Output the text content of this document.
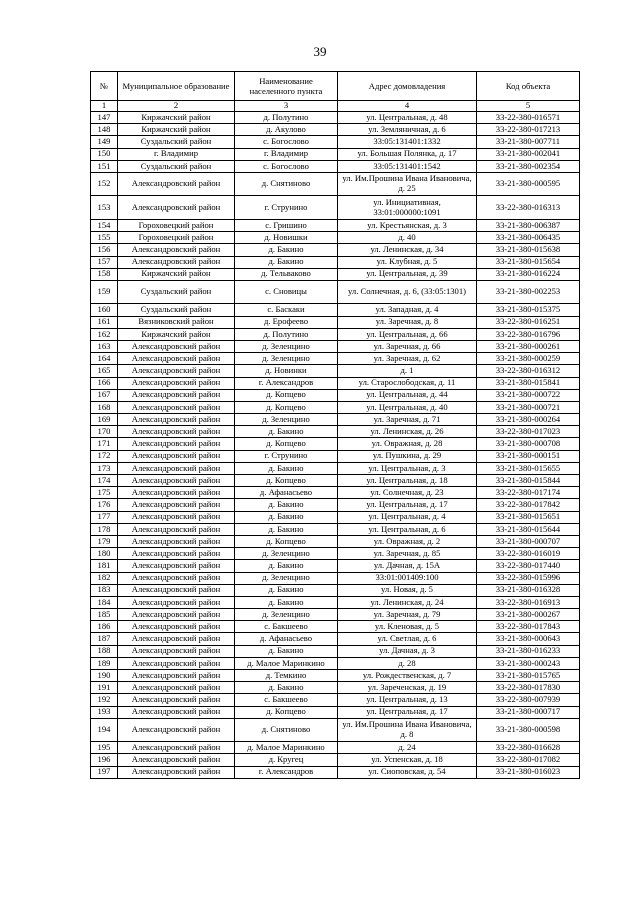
39
№	Муниципальное образование	Наименование населенного пункта	Адрес домовладения	Код объекта
1	2	3	4	5
147	Киржачский район	д. Полутино	ул. Центральная, д. 48	33-22-380-016571
148	Киржачский район	д. Акулово	ул. Земляничная, д. 6	33-22-380-017213
149	Суздальский район	с. Богослово	33:05:131401:1332	33-21-380-007711
150	г. Владимир	г. Владимир	ул. Большая Полянка, д. 17	33-21-380-002041
151	Суздальский район	с. Богослово	33:05:131401:1542	33-21-380-002354
152	Александровский район	д. Снятиново	ул. Им.Прошина Ивана Ивановича, д. 25	33-21-380-000595
153	Александровский район	г. Струнино	ул. Инициативная, 33:01:000000:1091	33-22-380-016313
154	Гороховецкий район	с. Гришино	ул. Крестьянская, д. 3	33-21-380-006387
155	Гороховецкий район	д. Новишки	д. 40	33-21-380-006435
156	Александровский район	д. Бакино	ул. Ленинская, д. 34	33-21-380-015638
157	Александровский район	д. Бакино	ул. Клубная, д. 5	33-21-380-015654
158	Киржачский район	д. Тельваково	ул. Центральная, д. 39	33-21-380-016224
159	Суздальский район	с. Сновицы	ул. Солнечная, д. 6, (33:05:1301)	33-21-380-002253
160	Суздальский район	с. Баскаки	ул. Западная, д. 4	33-21-380-015375
161	Вязниковский район	д. Ерофеево	ул. Заречная, д. 8	33-22-380-016251
162	Киржачский район	д. Полутино	ул. Центральная, д. 66	33-22-380-016796
163	Александровский район	д. Зеленцино	ул. Заречная, д. 66	33-21-380-000261
164	Александровский район	д. Зеленцино	ул. Заречная, д. 62	33-21-380-000259
165	Александровский район	д. Новинки	д. 1	33-22-380-016312
166	Александровский район	г. Александров	ул. Старослободская, д. 11	33-21-380-015841
167	Александровский район	д. Копцево	ул. Центральная, д. 44	33-21-380-000722
168	Александровский район	д. Копцево	ул. Центральная, д. 40	33-21-380-000721
169	Александровский район	д. Зеленцино	ул. Заречная, д. 71	33-21-380-000264
170	Александровский район	д. Бакино	ул. Ленинская, д. 26	33-22-380-017023
171	Александровский район	д. Копцево	ул. Овражная, д. 28	33-21-380-000708
172	Александровский район	г. Струнино	ул. Пушкина, д. 29	33-21-380-000151
173	Александровский район	д. Бакино	ул. Центральная, д. 3	33-21-380-015655
174	Александровский район	д. Копцево	ул. Центральная, д. 18	33-21-380-015844
175	Александровский район	д. Афанасьево	ул. Солнечная, д. 23	33-22-380-017174
176	Александровский район	д. Бакино	ул. Центральная, д. 17	33-22-380-017842
177	Александровский район	д. Бакино	ул. Центральная, д. 4	33-21-380-015651
178	Александровский район	д. Бакино	ул. Центральная, д. 6	33-21-380-015644
179	Александровский район	д. Копцево	ул. Овражная, д. 2	33-21-380-000707
180	Александровский район	д. Зеленцино	ул. Заречная, д. 85	33-22-380-016019
181	Александровский район	д. Бакино	ул. Дачная, д. 15А	33-22-380-017440
182	Александровский район	д. Зеленцино	33:01:001409:100	33-22-380-015996
183	Александровский район	д. Бакино	ул. Новая, д. 5	33-21-380-016328
184	Александровский район	д. Бакино	ул. Ленинская, д. 24	33-22-380-016913
185	Александровский район	д. Зеленцино	ул. Заречная, д. 79	33-21-380-000267
186	Александровский район	с. Бакшеево	ул. Кленовая, д. 5	33-22-380-017843
187	Александровский район	д. Афанасьево	ул. Светлая, д. 6	33-21-380-000643
188	Александровский район	д. Бакино	ул. Дачная, д. 3	33-21-380-016233
189	Александровский район	д. Малое Маринкино	д. 28	33-21-380-000243
190	Александровский район	д. Темкино	ул. Рождественская, д. 7	33-21-380-015765
191	Александровский район	д. Бакино	ул. Зареченская, д. 19	33-22-380-017830
192	Александровский район	с. Бакшеево	ул. Центральная, д. 13	33-22-380-007939
193	Александровский район	д. Копцево	ул. Центральная, д. 17	33-21-380-000717
194	Александровский район	д. Снятиново	ул. Им.Прошина Ивана Ивановича, д. 8	33-21-380-000598
195	Александровский район	д. Малое Маринкино	д. 24	33-22-380-016628
196	Александровский район	д. Кругец	ул. Успенская, д. 18	33-22-380-017082
197	Александровский район	г. Александров	ул. Сиоповская, д. 54	33-21-380-016023
